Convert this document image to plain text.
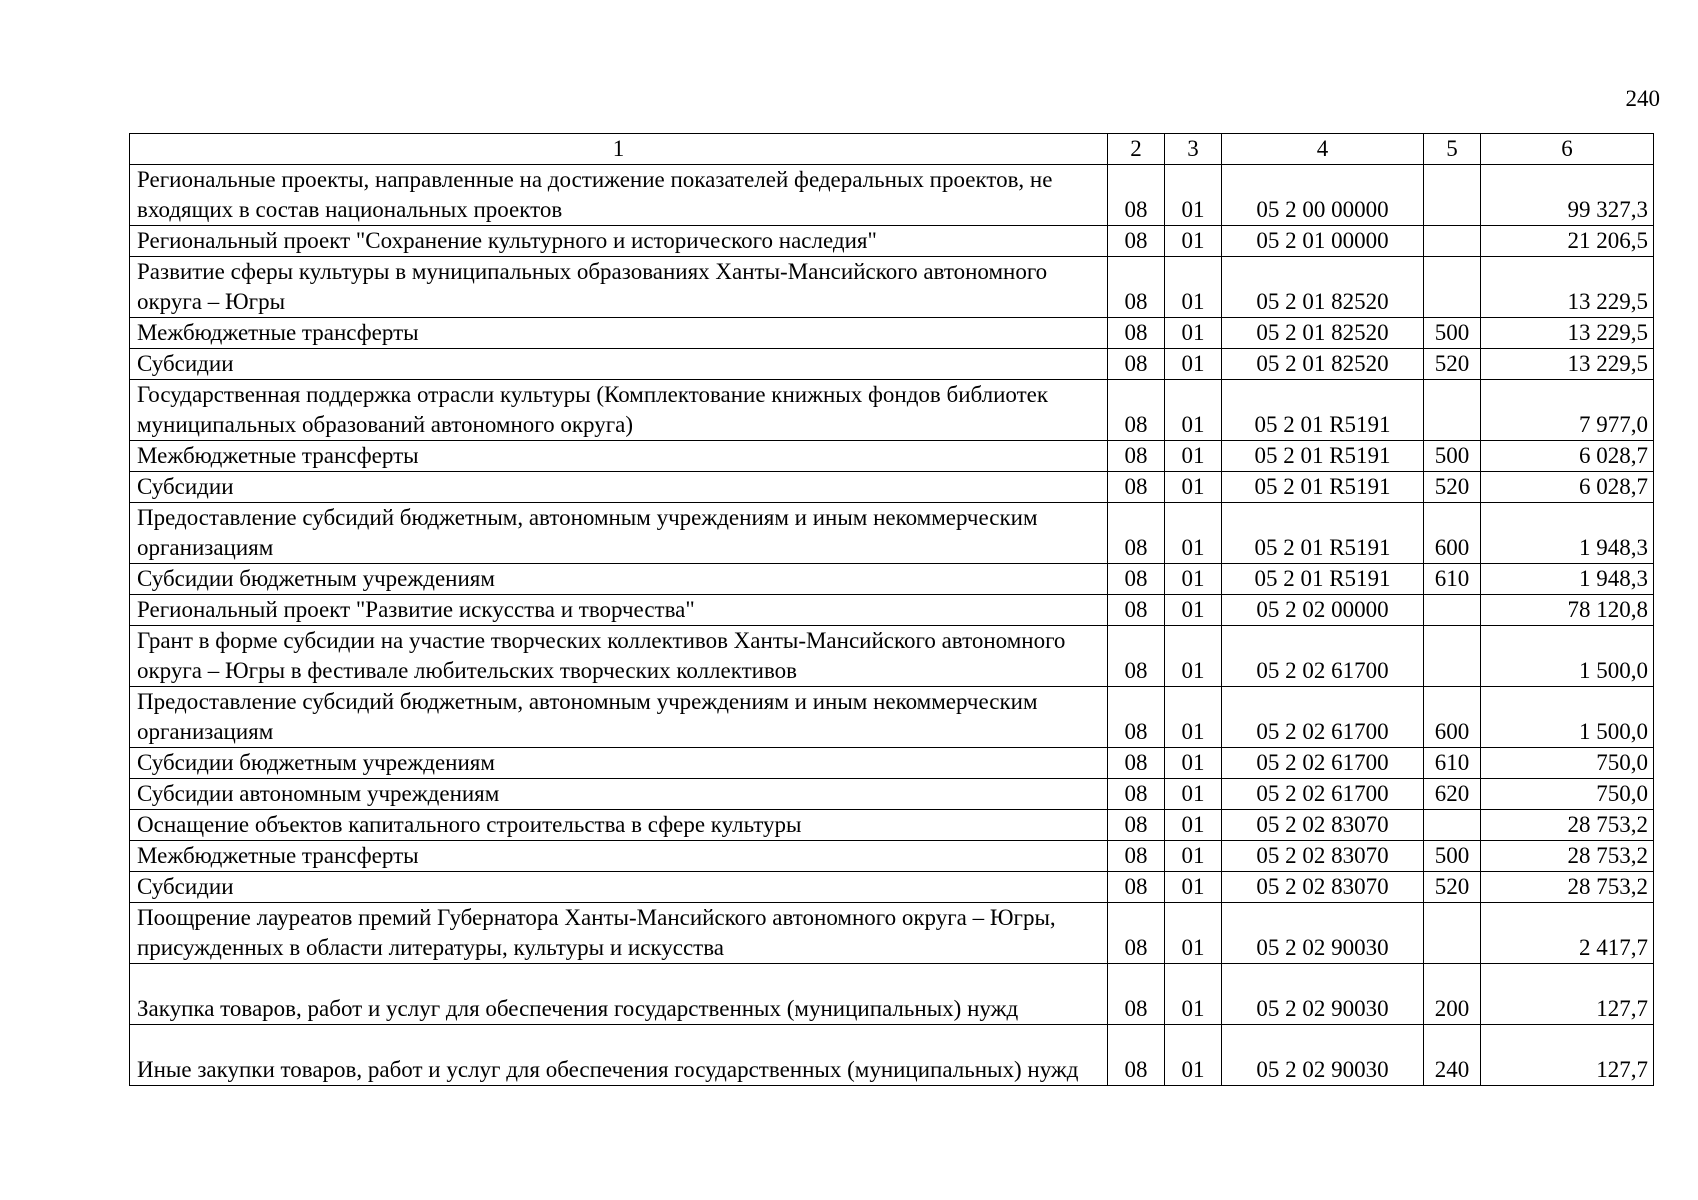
240
1	2	3	4	5	6
Региональные проекты, направленные на достижение показателей федеральных проектов, не входящих в состав национальных проектов	08	01	05 2 00 00000		99 327,3
Региональный проект "Сохранение культурного и исторического наследия"	08	01	05 2 01 00000		21 206,5
Развитие сферы культуры в муниципальных образованиях Ханты-Мансийского автономного округа – Югры	08	01	05 2 01 82520		13 229,5
Межбюджетные трансферты	08	01	05 2 01 82520	500	13 229,5
Субсидии	08	01	05 2 01 82520	520	13 229,5
Государственная поддержка отрасли культуры (Комплектование книжных фондов библиотек муниципальных образований автономного округа)	08	01	05 2 01 R5191		7 977,0
Межбюджетные трансферты	08	01	05 2 01 R5191	500	6 028,7
Субсидии	08	01	05 2 01 R5191	520	6 028,7
Предоставление субсидий бюджетным, автономным учреждениям и иным некоммерческим организациям	08	01	05 2 01 R5191	600	1 948,3
Субсидии бюджетным учреждениям	08	01	05 2 01 R5191	610	1 948,3
Региональный проект "Развитие искусства и творчества"	08	01	05 2 02 00000		78 120,8
Грант в форме субсидии на участие творческих коллективов Ханты-Мансийского автономного округа – Югры в фестивале любительских творческих коллективов	08	01	05 2 02 61700		1 500,0
Предоставление субсидий бюджетным, автономным учреждениям и иным некоммерческим организациям	08	01	05 2 02 61700	600	1 500,0
Субсидии бюджетным учреждениям	08	01	05 2 02 61700	610	750,0
Субсидии автономным учреждениям	08	01	05 2 02 61700	620	750,0
Оснащение объектов капитального строительства в сфере культуры	08	01	05 2 02 83070		28 753,2
Межбюджетные трансферты	08	01	05 2 02 83070	500	28 753,2
Субсидии	08	01	05 2 02 83070	520	28 753,2
Поощрение лауреатов премий Губернатора Ханты-Мансийского автономного округа – Югры, присужденных в области литературы, культуры и искусства	08	01	05 2 02 90030		2 417,7
Закупка товаров, работ и услуг для обеспечения государственных (муниципальных) нужд	08	01	05 2 02 90030	200	127,7
Иные закупки товаров, работ и услуг для обеспечения государственных (муниципальных) нужд	08	01	05 2 02 90030	240	127,7
